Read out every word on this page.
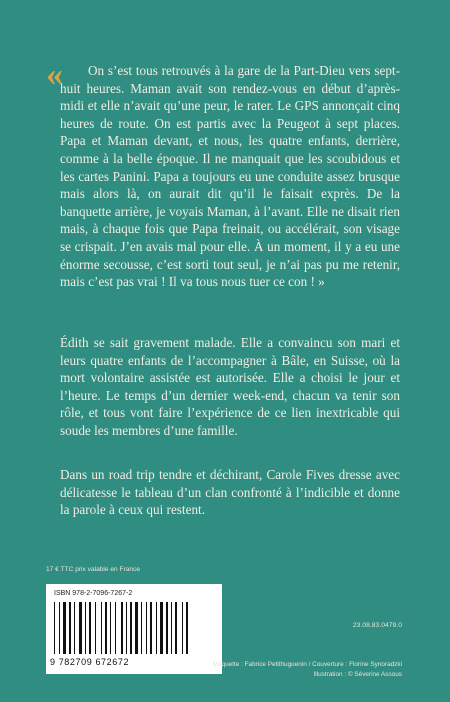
«	On s’est tous retrouvés à la gare de la Part-Dieu vers sept-huit heures. Maman avait son rendez-vous en début d’après-midi et elle n’avait qu’une peur, le rater. Le GPS annonçait cinq heures de route. On est partis avec la Peugeot à sept places. Papa et Maman devant, et nous, les quatre enfants, derrière, comme à la belle époque. Il ne manquait que les scoubidous et les cartes Panini. Papa a toujours eu une conduite assez brusque mais alors là, on aurait dit qu’il le faisait exprès. De la banquette arrière, je voyais Maman, à l’avant. Elle ne disait rien mais, à chaque fois que Papa freinait, ou accélérait, son visage se crispait. J’en avais mal pour elle. À un moment, il y a eu une énorme secousse, c’est sorti tout seul, je n’ai pas pu me retenir, mais c’est pas vrai ! Il va tous nous tuer ce con ! »

Édith se sait gravement malade. Elle a convaincu son mari et leurs quatre enfants de l’accompagner à Bâle, en Suisse, où la mort volontaire assistée est autorisée. Elle a choisi le jour et l’heure. Le temps d’un dernier week-end, chacun va tenir son rôle, et tous vont faire l’expérience de ce lien inextricable qui soude les membres d’une famille.

Dans un road trip tendre et déchirant, Carole Fives dresse avec délicatesse le tableau d’un clan confronté à l’indicible et donne la parole à ceux qui restent.

17 € TTC prix valable en France
ISBN 978-2-7096-7267-2
9 782709 672672
23.08.83.0479.0
Maquette : Fabrice Petithuguenin / Couverture : Florine Synoradzki
Illustration : © Séverine Assous
